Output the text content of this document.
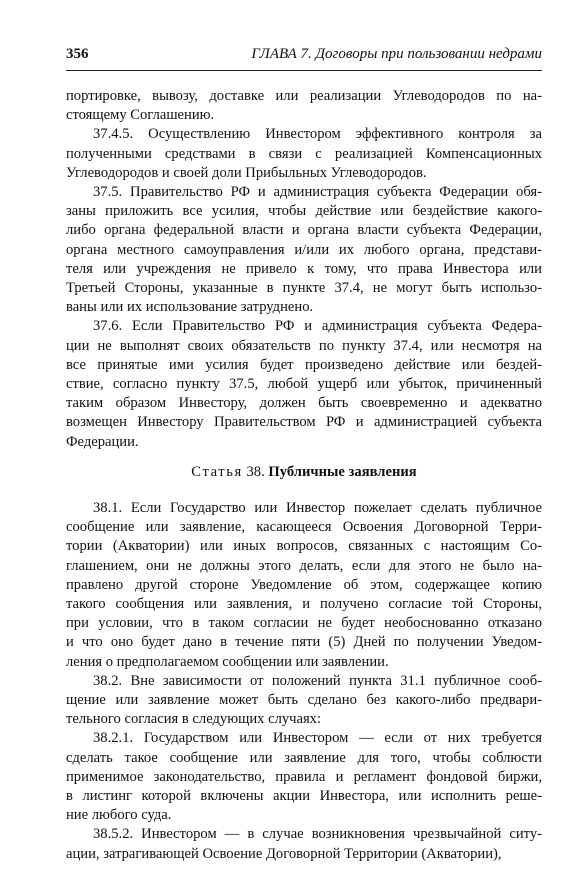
356	ГЛАВА 7. Договоры при пользовании недрами

портировке, вывозу, доставке или реализации Углеводородов по на-
стоящему Соглашению.

37.4.5. Осуществлению Инвестором эффективного контроля за
полученными средствами в связи с реализацией Компенсационных
Углеводородов и своей доли Прибыльных Углеводородов.

37.5. Правительство РФ и администрация субъекта Федерации обя-
заны приложить все усилия, чтобы действие или бездействие какого-
либо органа федеральной власти и органа власти субъекта Федерации,
органа местного самоуправления и/или их любого органа, представи-
теля или учреждения не привело к тому, что права Инвестора или
Третьей Стороны, указанные в пункте 37.4, не могут быть использо-
ваны или их использование затруднено.

37.6. Если Правительство РФ и администрация субъекта Федера-
ции не выполнят своих обязательств по пункту 37.4, или несмотря на
все принятые ими усилия будет произведено действие или бездей-
ствие, согласно пункту 37.5, любой ущерб или убыток, причиненный
таким образом Инвестору, должен быть своевременно и адекватно
возмещен Инвестору Правительством РФ и администрацией субъекта
Федерации.

Статья 38. Публичные заявления

38.1. Если Государство или Инвестор пожелает сделать публичное
сообщение или заявление, касающееся Освоения Договорной Терри-
тории (Акватории) или иных вопросов, связанных с настоящим Со-
глашением, они не должны этого делать, если для этого не было на-
правлено другой стороне Уведомление об этом, содержащее копию
такого сообщения или заявления, и получено согласие той Стороны,
при условии, что в таком согласии не будет необоснованно отказано
и что оно будет дано в течение пяти (5) Дней по получении Уведом-
ления о предполагаемом сообщении или заявлении.

38.2. Вне зависимости от положений пункта 31.1 публичное сооб-
щение или заявление может быть сделано без какого-либо предвари-
тельного согласия в следующих случаях:

38.2.1. Государством или Инвестором — если от них требуется
сделать такое сообщение или заявление для того, чтобы соблюсти
применимое законодательство, правила и регламент фондовой биржи,
в листинг которой включены акции Инвестора, или исполнить реше-
ние любого суда.

38.5.2. Инвестором — в случае возникновения чрезвычайной ситу-
ации, затрагивающей Освоение Договорной Территории (Акватории),
